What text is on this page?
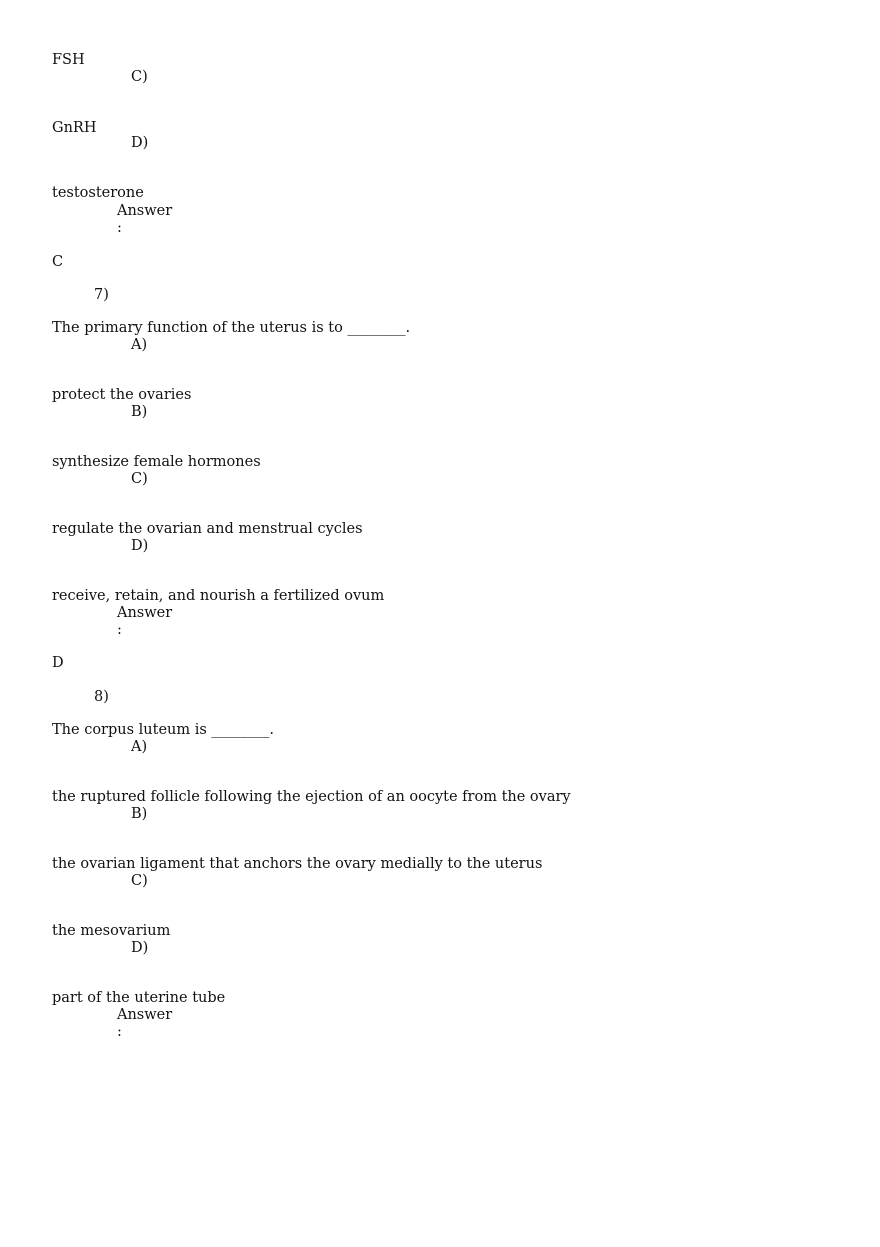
FSH
C)
GnRH
D)
testosterone
Answer
:
C
7)
The primary function of the uterus is to ________.
A)
protect the ovaries
B)
synthesize female hormones
C)
regulate the ovarian and menstrual cycles
D)
receive, retain, and nourish a fertilized ovum
Answer
:
D
8)
The corpus luteum is ________.
A)
the ruptured follicle following the ejection of an oocyte from the ovary
B)
the ovarian ligament that anchors the ovary medially to the uterus
C)
the mesovarium
D)
part of the uterine tube
Answer
:
